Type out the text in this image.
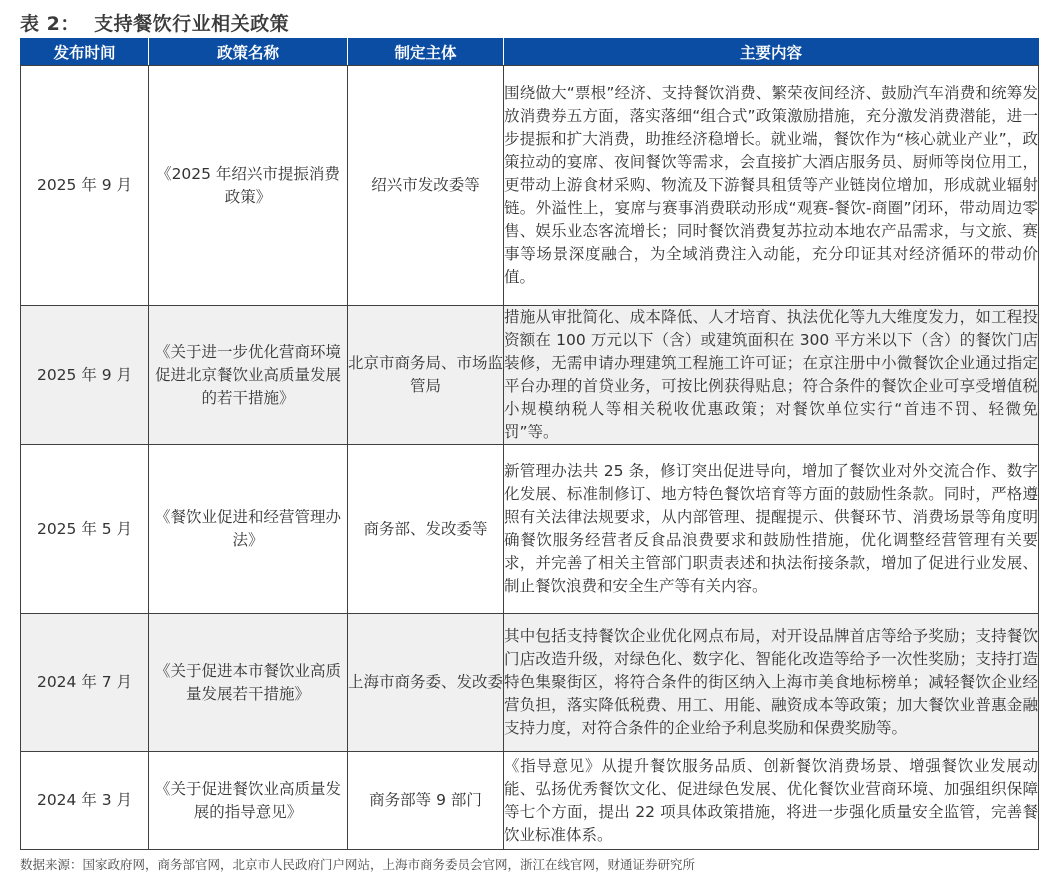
表 2：  支持餐饮行业相关政策
发布时间	政策名称	制定主体	主要内容
2025 年 9 月	《2025 年绍兴市提振消费政策》	绍兴市发改委等	围绕做大“票根”经济、支持餐饮消费、繁荣夜间经济、鼓励汽车消费和统筹发放消费券五方面，落实落细“组合式”政策激励措施，充分激发消费潜能，进一步提振和扩大消费，助推经济稳增长。就业端，餐饮作为“核心就业产业”，政策拉动的宴席、夜间餐饮等需求，会直接扩大酒店服务员、厨师等岗位用工，更带动上游食材采购、物流及下游餐具租赁等产业链岗位增加，形成就业辐射链。外溢性上，宴席与赛事消费联动形成“观赛-餐饮-商圈”闭环，带动周边零售、娱乐业态客流增长；同时餐饮消费复苏拉动本地农产品需求，与文旅、赛事等场景深度融合，为全域消费注入动能，充分印证其对经济循环的带动价值。
2025 年 9 月	《关于进一步优化营商环境促进北京餐饮业高质量发展的若干措施》	北京市商务局、市场监管局	措施从审批简化、成本降低、人才培育、执法优化等九大维度发力，如工程投资额在 100 万元以下（含）或建筑面积在 300 平方米以下（含）的餐饮门店装修，无需申请办理建筑工程施工许可证；在京注册中小微餐饮企业通过指定平台办理的首贷业务，可按比例获得贴息；符合条件的餐饮企业可享受增值税小规模纳税人等相关税收优惠政策；对餐饮单位实行“首违不罚、轻微免罚”等。
2025 年 5 月	《餐饮业促进和经营管理办法》	商务部、发改委等	新管理办法共 25 条，修订突出促进导向，增加了餐饮业对外交流合作、数字化发展、标准制修订、地方特色餐饮培育等方面的鼓励性条款。同时，严格遵照有关法律法规要求，从内部管理、提醒提示、供餐环节、消费场景等角度明确餐饮服务经营者反食品浪费要求和鼓励性措施，优化调整经营管理有关要求，并完善了相关主管部门职责表述和执法衔接条款，增加了促进行业发展、制止餐饮浪费和安全生产等有关内容。
2024 年 7 月	《关于促进本市餐饮业高质量发展若干措施》	上海市商务委、发改委	其中包括支持餐饮企业优化网点布局，对开设品牌首店等给予奖励；支持餐饮门店改造升级，对绿色化、数字化、智能化改造等给予一次性奖励；支持打造特色集聚街区，将符合条件的街区纳入上海市美食地标榜单；减轻餐饮企业经营负担，落实降低税费、用工、用能、融资成本等政策；加大餐饮业普惠金融支持力度，对符合条件的企业给予利息奖励和保费奖励等。
2024 年 3 月	《关于促进餐饮业高质量发展的指导意见》	商务部等 9 部门	《指导意见》从提升餐饮服务品质、创新餐饮消费场景、增强餐饮业发展动能、弘扬优秀餐饮文化、促进绿色发展、优化餐饮业营商环境、加强组织保障等七个方面，提出 22 项具体政策措施，将进一步强化质量安全监管，完善餐饮业标准体系。
数据来源：国家政府网，商务部官网，北京市人民政府门户网站，上海市商务委员会官网，浙江在线官网，财通证券研究所
